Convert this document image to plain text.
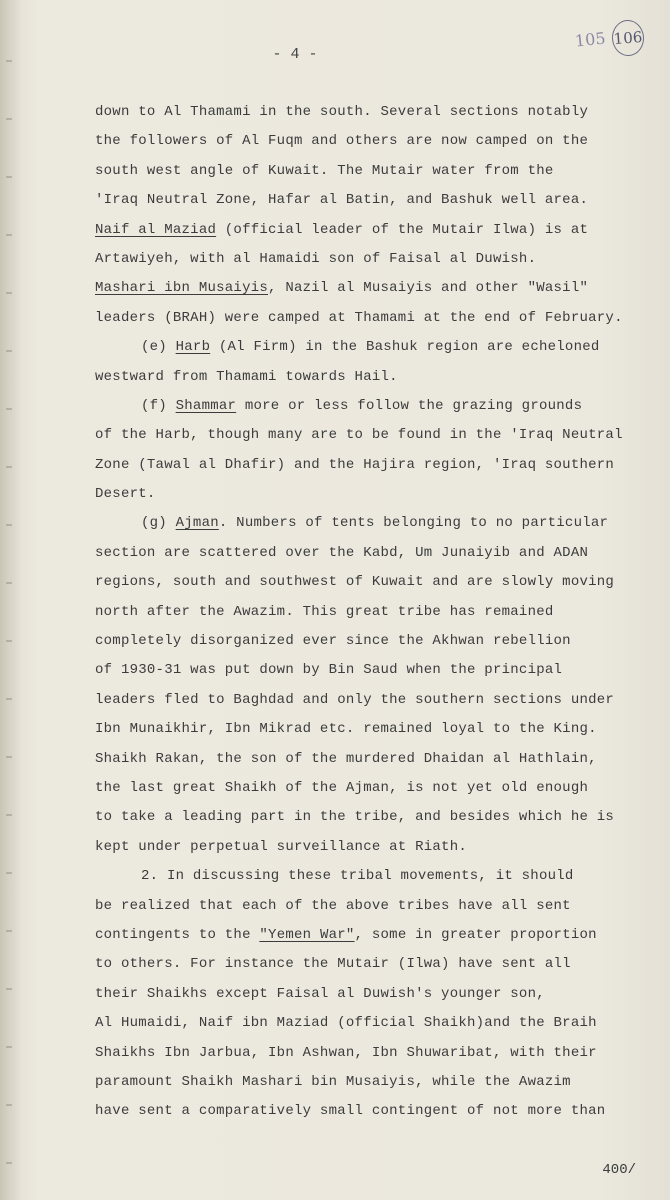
105 106
- 4 -
down to Al Thamami in the south. Several sections notably
the followers of Al Fuqm and others are now camped on the
south west angle of Kuwait. The Mutair water from the
'Iraq Neutral Zone, Hafar al Batin, and Bashuk well area.
Naif al Maziad (official leader of the Mutair Ilwa) is at
Artawiyeh, with al Hamaidi son of Faisal al Duwish.
Mashari ibn Musaiyis, Nazil al Musaiyis and other "Wasil"
leaders (BRAH) were camped at Thamami at the end of February.
(e) Harb (Al Firm) in the Bashuk region are echeloned
westward from Thamami towards Hail.
(f) Shammar more or less follow the grazing grounds
of the Harb, though many are to be found in the 'Iraq Neutral
Zone (Tawal al Dhafir) and the Hajira region, 'Iraq southern
Desert.
(g) Ajman. Numbers of tents belonging to no particular
section are scattered over the Kabd, Um Junaiyib and ADAN
regions, south and southwest of Kuwait and are slowly moving
north after the Awazim. This great tribe has remained
completely disorganized ever since the Akhwan rebellion
of 1930-31 was put down by Bin Saud when the principal
leaders fled to Baghdad and only the southern sections under
Ibn Munaikhir, Ibn Mikrad etc. remained loyal to the King.
Shaikh Rakan, the son of the murdered Dhaidan al Hathlain,
the last great Shaikh of the Ajman, is not yet old enough
to take a leading part in the tribe, and besides which he is
kept under perpetual surveillance at Riath.
2. In discussing these tribal movements, it should
be realized that each of the above tribes have all sent
contingents to the "Yemen War", some in greater proportion
to others. For instance the Mutair (Ilwa) have sent all
their Shaikhs except Faisal al Duwish's younger son,
Al Humaidi, Naif ibn Maziad (official Shaikh)and the Braih
Shaikhs Ibn Jarbua, Ibn Ashwan, Ibn Shuwaribat, with their
paramount Shaikh Mashari bin Musaiyis, while the Awazim
have sent a comparatively small contingent of not more than
400/
